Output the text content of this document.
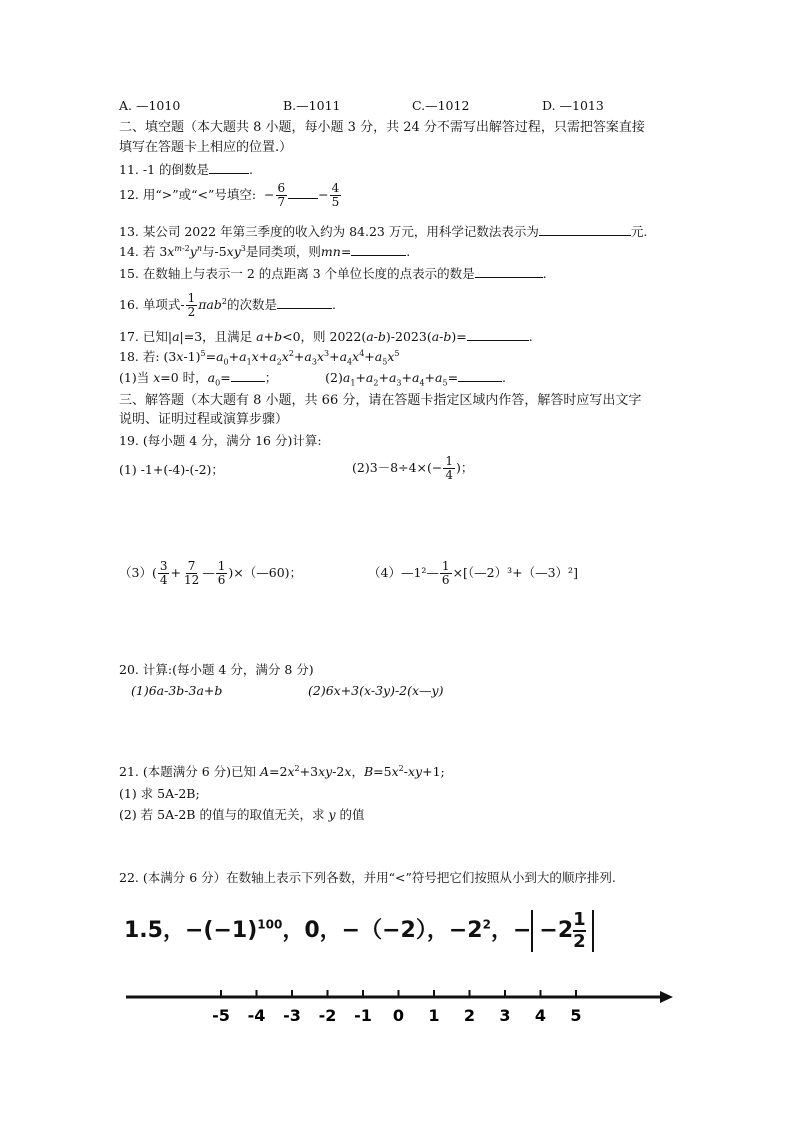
A. —1010	B.—1011	C.—1012	D. —1013
二、填空题（本大题共 8 小题，每小题 3 分，共 24 分不需写出解答过程，只需把答案直接
填写在答题卡上相应的位置.）
11. -1 的倒数是	.
12. 用“>”或“<”号填空:  − $\frac{6}{7} - \frac{4}{5}$
13. 某公司 2022 年第三季度的收入约为 84.23 万元，用科学记数法表示为	元.
14. 若 $3x^{m-2}y^n$与$-5xy^3$是同类项，则mn=	.
15. 在数轴上与表示一 2 的点距离 3 个单位长度的点表示的数是	.
16. 单项式- $\frac{1}{2} \pi ab^2$的次数是	.
17. 已知|a|=3，且满足 a+b<0，则 2022(a-b)-2023(a-b)=	.
18. 若: $(3x-1)^5=a_0+a_1x+a_2x^2+a_3x^3+a_4x^4+a_5x^5$
(1)当 x=0 时，$a_0=$	；	$(2)a_1+a_2+a_3+a_4+a_5=$	.
三、解答题（本大题有 8 小题，共 66 分，请在答题卡指定区域内作答，解答时应写出文字
说明、证明过程或演算步骤）
19. (每小题 4 分，满分 16 分)计算:
(1) -1+(-4)-(-2)；	$(2)3-8\div 4\times(- \frac{1}{4}$ )；
$(3)( \frac{3}{4} + \frac{7}{12}$ — $\frac{1}{6}$ )×（—60)；	（4）—1²— $\frac{1}{6}$ ×[（—2）³+（—3）²]
20. 计算:(每小题 4 分，满分 8 分)
(1)6a-3b-3a+b	(2)6x+3(x-3y)-2(x—y)
21. (本题满分 6 分)已知 $A=2x^2+3xy-2x$，$B=5x^2-xy+1$;
(1) 求 5A-2B;
(2) 若 5A-2B 的值与的取值无关，求 y 的值
22. (本满分 6 分）在数轴上表示下列各数，并用“<”符号把它们按照从小到大的顺序排列.
1.5，$-(-1)^{100}$，0，−（−2），$-2^2$，− $-2 \frac{1}{2}$
-5 -4 -3 -2 -1 0 1 2 3 4 5
